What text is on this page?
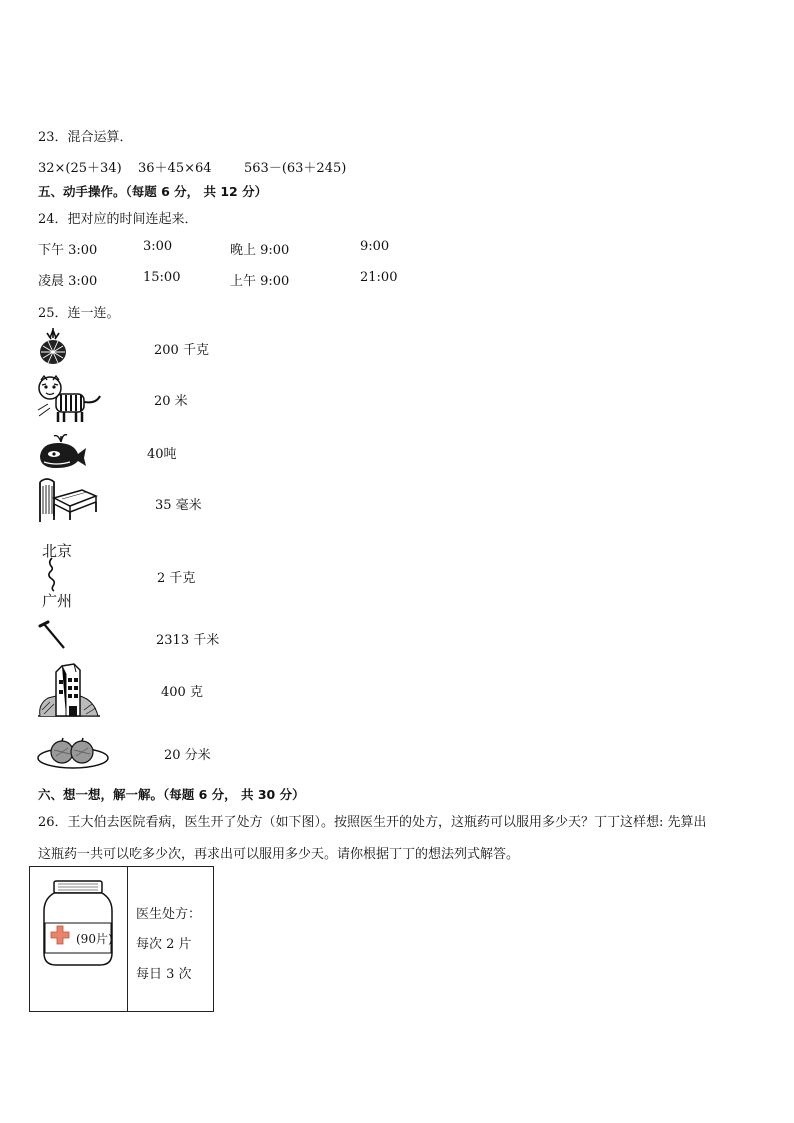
23．混合运算．
32×(25＋34) 36＋45×64 563－(63＋245)
五、动手操作。（每题 6 分， 共 12 分）
24．把对应的时间连起来．
下午 3:00	3:00	晚上 9:00	9:00
凌晨 3:00	15:00	上午 9:00	21:00
25．连一连。
200 千克
20 米
40吨
35 毫米
北京
广州
2 千克
2313 千米
400 克
20 分米
六、想一想，解一解。（每题 6 分， 共 30 分）
26．王大伯去医院看病，医生开了处方（如下图）。按照医生开的处方，这瓶药可以服用多少天？丁丁这样想: 先算出
这瓶药一共可以吃多少次，再求出可以服用多少天。请你根据丁丁的想法列式解答。
(90片)
医生处方：
每次 2 片
每日 3 次
